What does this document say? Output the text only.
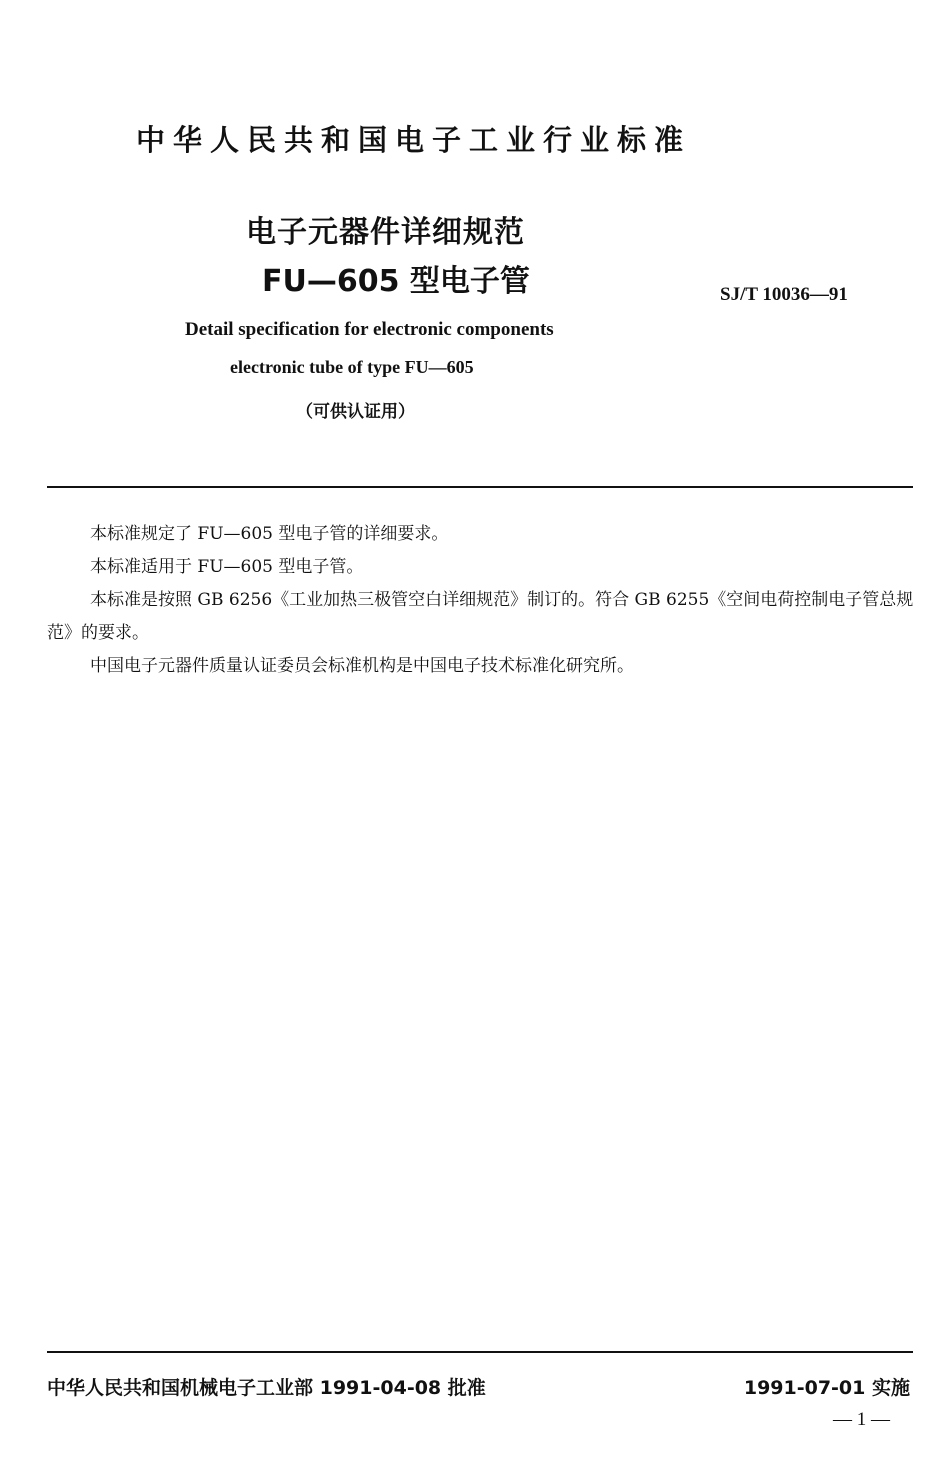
中华人民共和国电子工业行业标准
电子元器件详细规范
FU—605 型电子管	SJ/T 10036—91
Detail specification for electronic components
electronic tube of type FU—605
（可供认证用）

本标准规定了 FU—605 型电子管的详细要求。

本标准适用于 FU—605 型电子管。

本标准是按照 GB 6256《工业加热三极管空白详细规范》制订的。符合 GB 6255《空间电荷控制电子管总规范》的要求。

中国电子元器件质量认证委员会标准机构是中国电子技术标准化研究所。

中华人民共和国机械电子工业部 1991-04-08 批准	1991-07-01 实施
— 1 —
